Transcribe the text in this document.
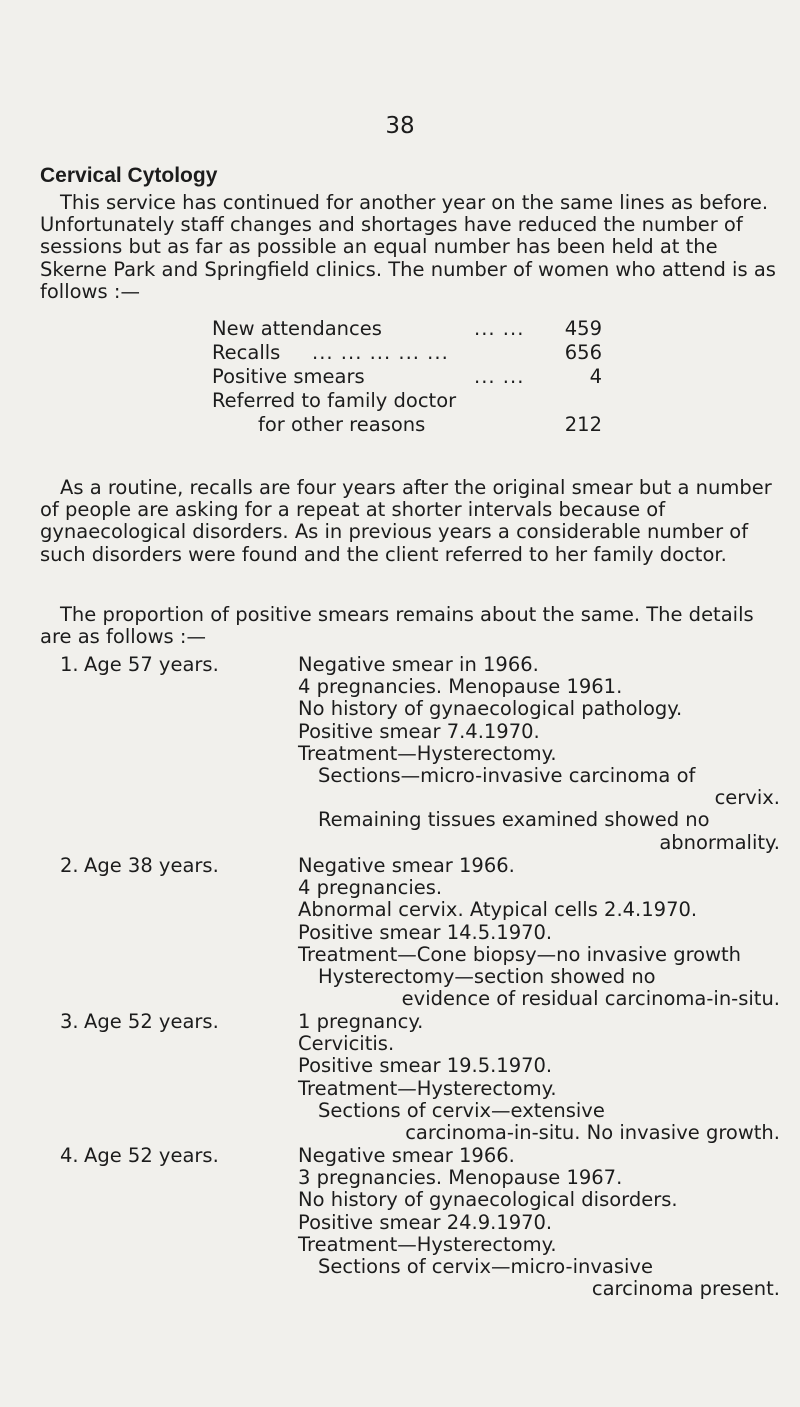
38
Cervical Cytology

This service has continued for another year on the same lines as before. Unfortunately staff changes and shortages have reduced the number of sessions but as far as possible an equal number has been held at the Skerne Park and Springfield clinics. The number of women who attend is as follows :—

New attendances	... ... 459
Recalls ... ... ... ... ...	656
Positive smears	... ...	4
Referred to family doctor
for other reasons	212

As a routine, recalls are four years after the original smear but a number of people are asking for a repeat at shorter intervals because of gynaecological disorders. As in previous years a considerable number of such disorders were found and the client referred to her family doctor.

The proportion of positive smears remains about the same. The details are as follows :—

1. Age 57 years.	Negative smear in 1966.
4 pregnancies. Menopause 1961.
No history of gynaecological pathology.
Positive smear 7.4.1970.
Treatment—Hysterectomy.
Sections—micro-invasive carcinoma of
cervix.
Remaining tissues examined showed no
abnormality.
2. Age 38 years.	Negative smear 1966.
4 pregnancies.
Abnormal cervix. Atypical cells 2.4.1970.
Positive smear 14.5.1970.
Treatment—Cone biopsy—no invasive growth
Hysterectomy—section showed no
evidence of residual carcinoma-in-situ.
3. Age 52 years.	1 pregnancy.
Cervicitis.
Positive smear 19.5.1970.
Treatment—Hysterectomy.
Sections of cervix—extensive
carcinoma-in-situ. No invasive growth.
4. Age 52 years.	Negative smear 1966.
3 pregnancies. Menopause 1967.
No history of gynaecological disorders.
Positive smear 24.9.1970.
Treatment—Hysterectomy.
Sections of cervix—micro-invasive
carcinoma present.
